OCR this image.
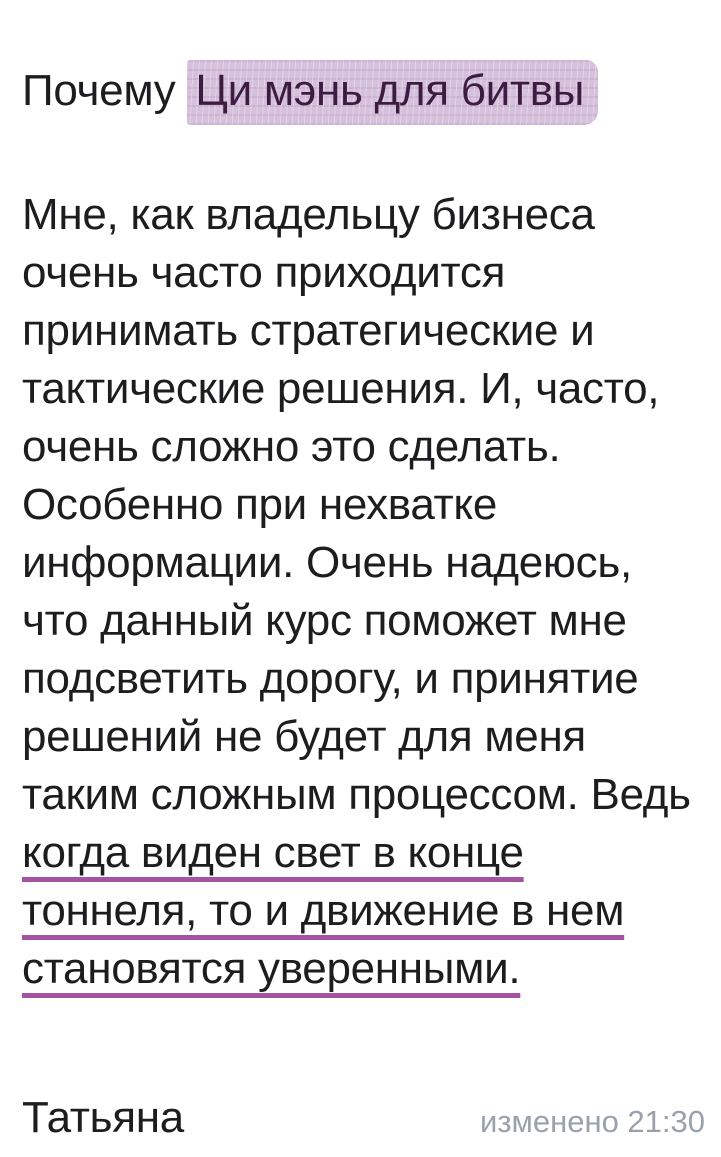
Почему Ци мэнь для битвы

Мне, как владельцу бизнеса очень часто приходится принимать стратегические и тактические решения. И, часто, очень сложно это сделать. Особенно при нехватке информации. Очень надеюсь, что данный курс поможет мне подсветить дорогу, и принятие решений не будет для меня таким сложным процессом. Ведь когда виден свет в конце тоннеля, то и движение в нем становятся уверенными.

Татьяна	изменено 21:30
